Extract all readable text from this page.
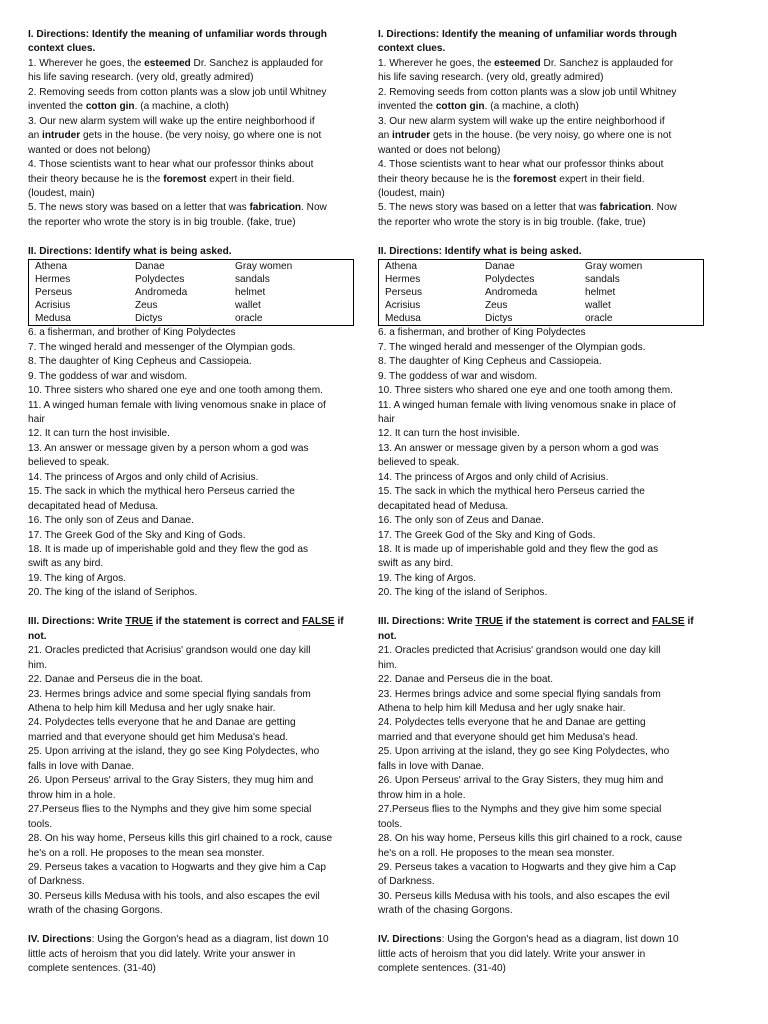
I. Directions: Identify the meaning of unfamiliar words through
context clues.
1. Wherever he goes, the esteemed Dr. Sanchez is applauded for
his life saving research. (very old, greatly admired)
2. Removing seeds from cotton plants was a slow job until Whitney
invented the cotton gin. (a machine, a cloth)
3. Our new alarm system will wake up the entire neighborhood if
an intruder gets in the house. (be very noisy, go where one is not
wanted or does not belong)
4. Those scientists want to hear what our professor thinks about
their theory because he is the foremost expert in their field.
(loudest, main)
5. The news story was based on a letter that was fabrication. Now
the reporter who wrote the story is in big trouble. (fake, true)
II. Directions: Identify what is being asked.
Athena	Danae	Gray women
Hermes	Polydectes	sandals
Perseus	Andromeda	helmet
Acrisius	Zeus	wallet
Medusa	Dictys	oracle
6. a fisherman, and brother of King Polydectes
7. The winged herald and messenger of the Olympian gods.
8. The daughter of King Cepheus and Cassiopeia.
9. The goddess of war and wisdom.
10. Three sisters who shared one eye and one tooth among them.
11. A winged human female with living venomous snake in place of
hair
12. It can turn the host invisible.
13. An answer or message given by a person whom a god was
believed to speak.
14. The princess of Argos and only child of Acrisius.
15. The sack in which the mythical hero Perseus carried the
decapitated head of Medusa.
16. The only son of Zeus and Danae.
17. The Greek God of the Sky and King of Gods.
18. It is made up of imperishable gold and they flew the god as
swift as any bird.
19. The king of Argos.
20. The king of the island of Seriphos.
III. Directions: Write TRUE if the statement is correct and FALSE if
not.
21. Oracles predicted that Acrisius' grandson would one day kill
him.
22. Danae and Perseus die in the boat.
23. Hermes brings advice and some special flying sandals from
Athena to help him kill Medusa and her ugly snake hair.
24. Polydectes tells everyone that he and Danae are getting
married and that everyone should get him Medusa's head.
25. Upon arriving at the island, they go see King Polydectes, who
falls in love with Danae.
26. Upon Perseus' arrival to the Gray Sisters, they mug him and
throw him in a hole.
27.Perseus flies to the Nymphs and they give him some special
tools.
28. On his way home, Perseus kills this girl chained to a rock, cause
he's on a roll. He proposes to the mean sea monster.
29. Perseus takes a vacation to Hogwarts and they give him a Cap
of Darkness.
30. Perseus kills Medusa with his tools, and also escapes the evil
wrath of the chasing Gorgons.
IV. Directions: Using the Gorgon's head as a diagram, list down 10
little acts of heroism that you did lately. Write your answer in
complete sentences. (31-40)
I. Directions: Identify the meaning of unfamiliar words through
context clues.
1. Wherever he goes, the esteemed Dr. Sanchez is applauded for
his life saving research. (very old, greatly admired)
2. Removing seeds from cotton plants was a slow job until Whitney
invented the cotton gin. (a machine, a cloth)
3. Our new alarm system will wake up the entire neighborhood if
an intruder gets in the house. (be very noisy, go where one is not
wanted or does not belong)
4. Those scientists want to hear what our professor thinks about
their theory because he is the foremost expert in their field.
(loudest, main)
5. The news story was based on a letter that was fabrication. Now
the reporter who wrote the story is in big trouble. (fake, true)
II. Directions: Identify what is being asked.
Athena	Danae	Gray women
Hermes	Polydectes	sandals
Perseus	Andromeda	helmet
Acrisius	Zeus	wallet
Medusa	Dictys	oracle
6. a fisherman, and brother of King Polydectes
7. The winged herald and messenger of the Olympian gods.
8. The daughter of King Cepheus and Cassiopeia.
9. The goddess of war and wisdom.
10. Three sisters who shared one eye and one tooth among them.
11. A winged human female with living venomous snake in place of
hair
12. It can turn the host invisible.
13. An answer or message given by a person whom a god was
believed to speak.
14. The princess of Argos and only child of Acrisius.
15. The sack in which the mythical hero Perseus carried the
decapitated head of Medusa.
16. The only son of Zeus and Danae.
17. The Greek God of the Sky and King of Gods.
18. It is made up of imperishable gold and they flew the god as
swift as any bird.
19. The king of Argos.
20. The king of the island of Seriphos.
III. Directions: Write TRUE if the statement is correct and FALSE if
not.
21. Oracles predicted that Acrisius' grandson would one day kill
him.
22. Danae and Perseus die in the boat.
23. Hermes brings advice and some special flying sandals from
Athena to help him kill Medusa and her ugly snake hair.
24. Polydectes tells everyone that he and Danae are getting
married and that everyone should get him Medusa's head.
25. Upon arriving at the island, they go see King Polydectes, who
falls in love with Danae.
26. Upon Perseus' arrival to the Gray Sisters, they mug him and
throw him in a hole.
27.Perseus flies to the Nymphs and they give him some special
tools.
28. On his way home, Perseus kills this girl chained to a rock, cause
he's on a roll. He proposes to the mean sea monster.
29. Perseus takes a vacation to Hogwarts and they give him a Cap
of Darkness.
30. Perseus kills Medusa with his tools, and also escapes the evil
wrath of the chasing Gorgons.
IV. Directions: Using the Gorgon's head as a diagram, list down 10
little acts of heroism that you did lately. Write your answer in
complete sentences. (31-40)
